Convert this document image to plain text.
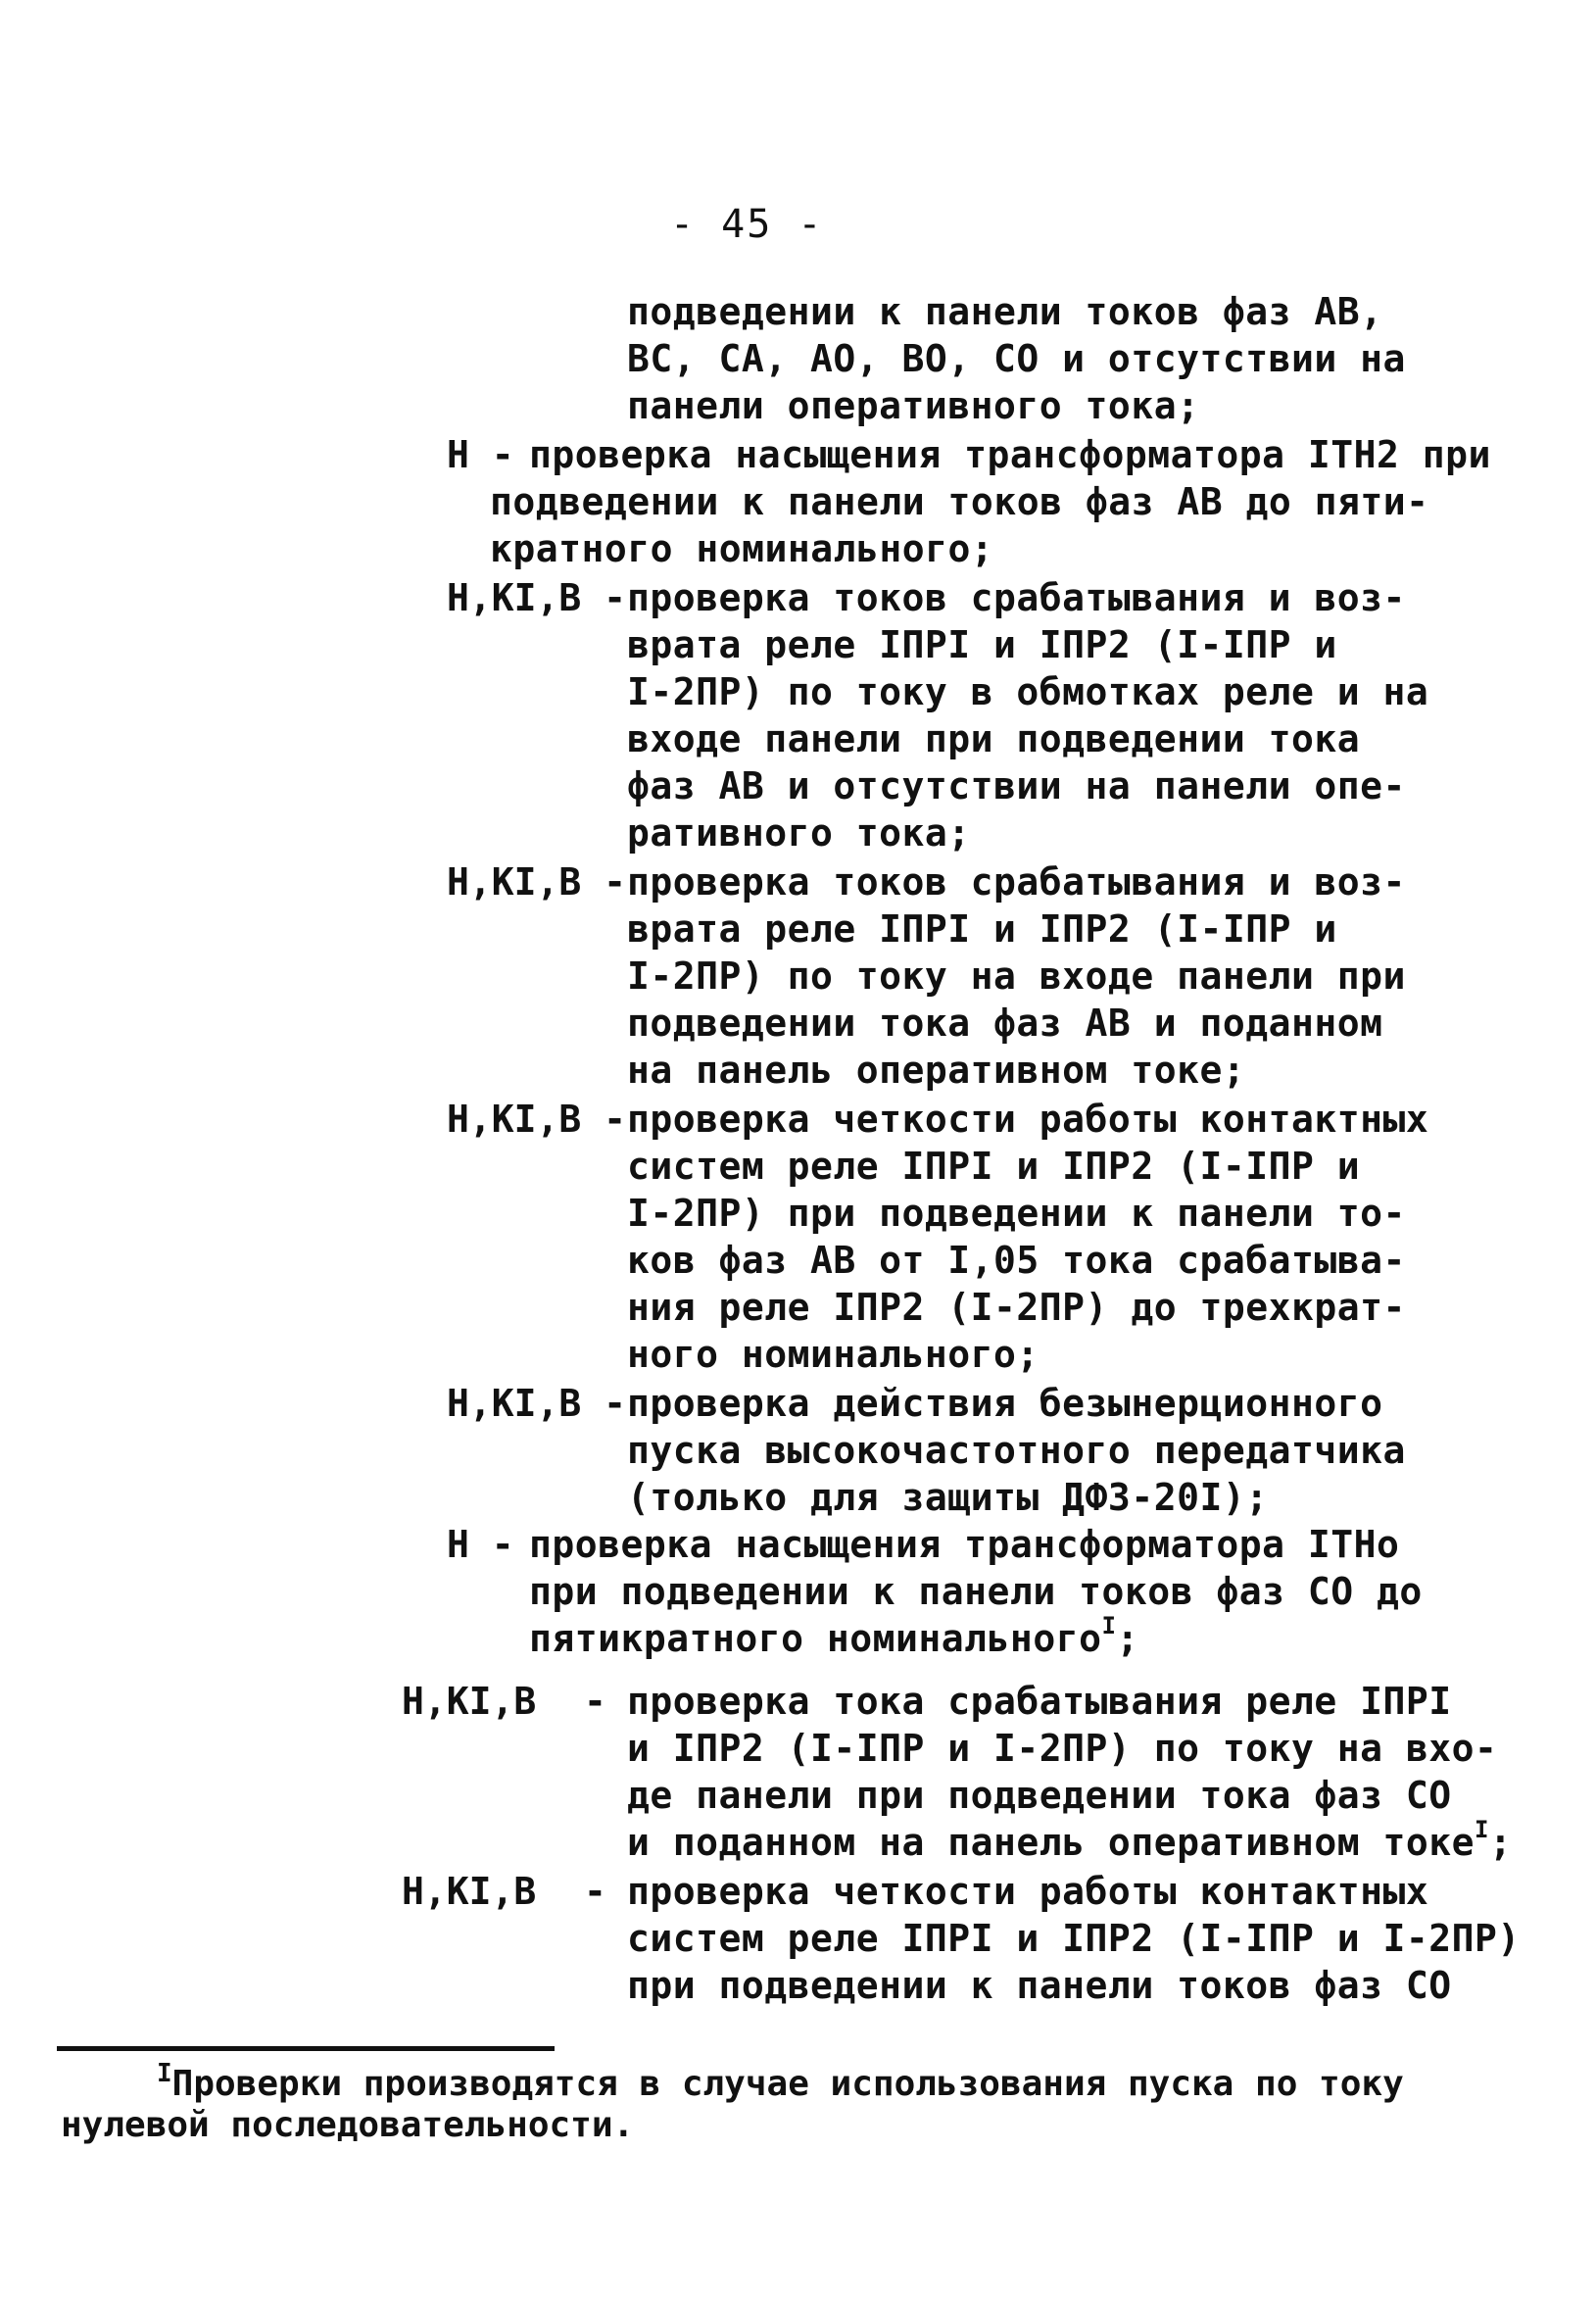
- 45 -
подведении к панели токов фаз АВ,
ВС, СА, АО, ВО, СО и отсутствии на
панели оперативного тока;
Н - проверка насыщения трансформатора ІТН2 при
подведении к панели токов фаз АВ до пяти-
кратного номинального;
Н,КІ,В - проверка токов срабатывания и воз-
врата реле ІПРІ и ІПР2 (І-ІПР и
І-2ПР) по току в обмотках реле и на
входе панели при подведении тока
фаз АВ и отсутствии на панели опе-
ративного тока;
Н,КІ,В - проверка токов срабатывания и воз-
врата реле ІПРІ и ІПР2 (І-ІПР и
І-2ПР) по току на входе панели при
подведении тока фаз АВ и поданном
на панель оперативном токе;
Н,КІ,В - проверка четкости работы контактных
систем реле ІПРІ и ІПР2 (І-ІПР и
І-2ПР) при подведении к панели то-
ков фаз АВ от І,05 тока срабатыва-
ния реле ІПР2 (І-2ПР) до трехкрат-
ного номинального;
Н,КІ,В - проверка действия безынерционного
пуска высокочастотного передатчика
(только для защиты ДФЗ-20І);
Н - проверка насыщения трансформатора ІТНо
при подведении к панели токов фаз СО до
пятикратного номинального$^І$;
Н,КІ,В - проверка тока срабатывания реле ІПРІ
и ІПР2 (І-ІПР и І-2ПР) по току на вхо-
де панели при подведении тока фаз СО
и поданном на панель оперативном токе$^І$;
Н,КІ,В - проверка четкости работы контактных
систем реле ІПРІ и ІПР2 (І-ІПР и І-2ПР)
при подведении к панели токов фаз СО
$^І$Проверки производятся в случае использования пуска по току
нулевой последовательности.
